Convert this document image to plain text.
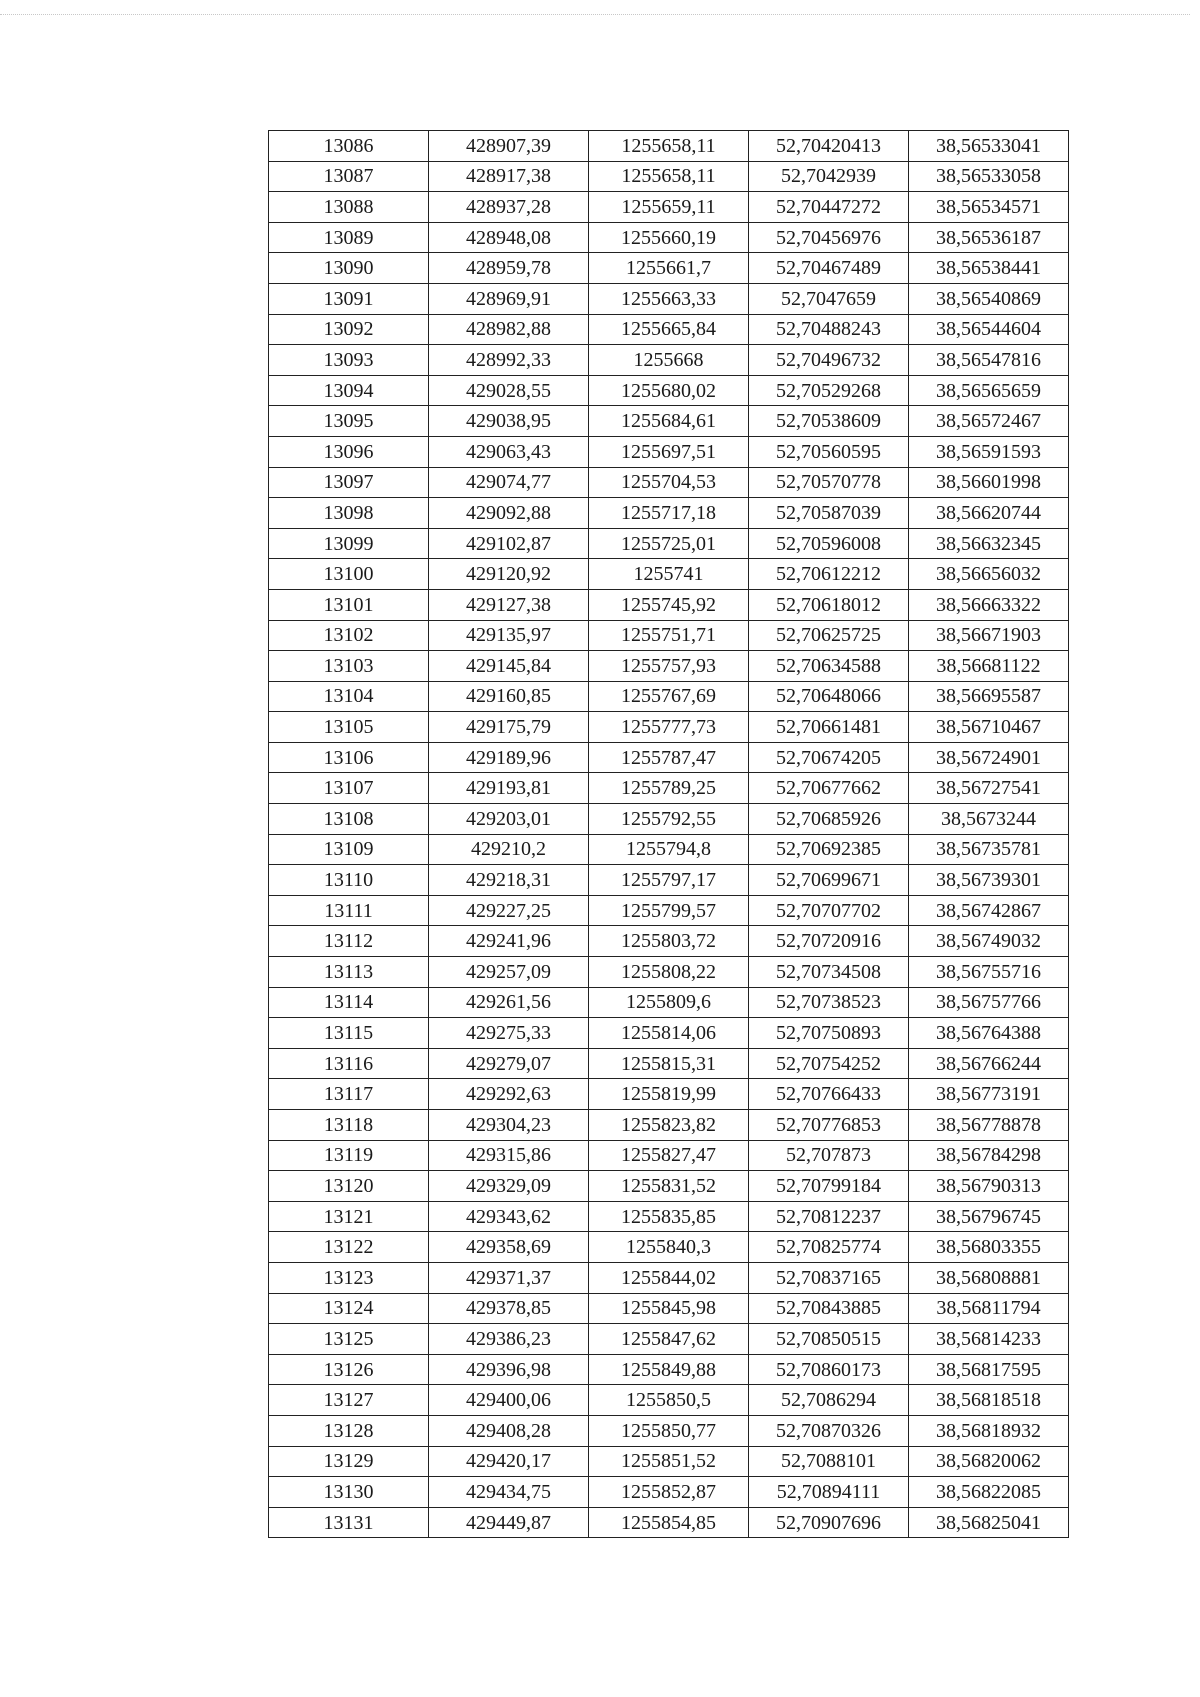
13086	428907,39	1255658,11	52,70420413	38,56533041
13087	428917,38	1255658,11	52,7042939	38,56533058
13088	428937,28	1255659,11	52,70447272	38,56534571
13089	428948,08	1255660,19	52,70456976	38,56536187
13090	428959,78	1255661,7	52,70467489	38,56538441
13091	428969,91	1255663,33	52,7047659	38,56540869
13092	428982,88	1255665,84	52,70488243	38,56544604
13093	428992,33	1255668	52,70496732	38,56547816
13094	429028,55	1255680,02	52,70529268	38,56565659
13095	429038,95	1255684,61	52,70538609	38,56572467
13096	429063,43	1255697,51	52,70560595	38,56591593
13097	429074,77	1255704,53	52,70570778	38,56601998
13098	429092,88	1255717,18	52,70587039	38,56620744
13099	429102,87	1255725,01	52,70596008	38,56632345
13100	429120,92	1255741	52,70612212	38,56656032
13101	429127,38	1255745,92	52,70618012	38,56663322
13102	429135,97	1255751,71	52,70625725	38,56671903
13103	429145,84	1255757,93	52,70634588	38,56681122
13104	429160,85	1255767,69	52,70648066	38,56695587
13105	429175,79	1255777,73	52,70661481	38,56710467
13106	429189,96	1255787,47	52,70674205	38,56724901
13107	429193,81	1255789,25	52,70677662	38,56727541
13108	429203,01	1255792,55	52,70685926	38,5673244
13109	429210,2	1255794,8	52,70692385	38,56735781
13110	429218,31	1255797,17	52,70699671	38,56739301
13111	429227,25	1255799,57	52,70707702	38,56742867
13112	429241,96	1255803,72	52,70720916	38,56749032
13113	429257,09	1255808,22	52,70734508	38,56755716
13114	429261,56	1255809,6	52,70738523	38,56757766
13115	429275,33	1255814,06	52,70750893	38,56764388
13116	429279,07	1255815,31	52,70754252	38,56766244
13117	429292,63	1255819,99	52,70766433	38,56773191
13118	429304,23	1255823,82	52,70776853	38,56778878
13119	429315,86	1255827,47	52,707873	38,56784298
13120	429329,09	1255831,52	52,70799184	38,56790313
13121	429343,62	1255835,85	52,70812237	38,56796745
13122	429358,69	1255840,3	52,70825774	38,56803355
13123	429371,37	1255844,02	52,70837165	38,56808881
13124	429378,85	1255845,98	52,70843885	38,56811794
13125	429386,23	1255847,62	52,70850515	38,56814233
13126	429396,98	1255849,88	52,70860173	38,56817595
13127	429400,06	1255850,5	52,7086294	38,56818518
13128	429408,28	1255850,77	52,70870326	38,56818932
13129	429420,17	1255851,52	52,7088101	38,56820062
13130	429434,75	1255852,87	52,70894111	38,56822085
13131	429449,87	1255854,85	52,70907696	38,56825041
